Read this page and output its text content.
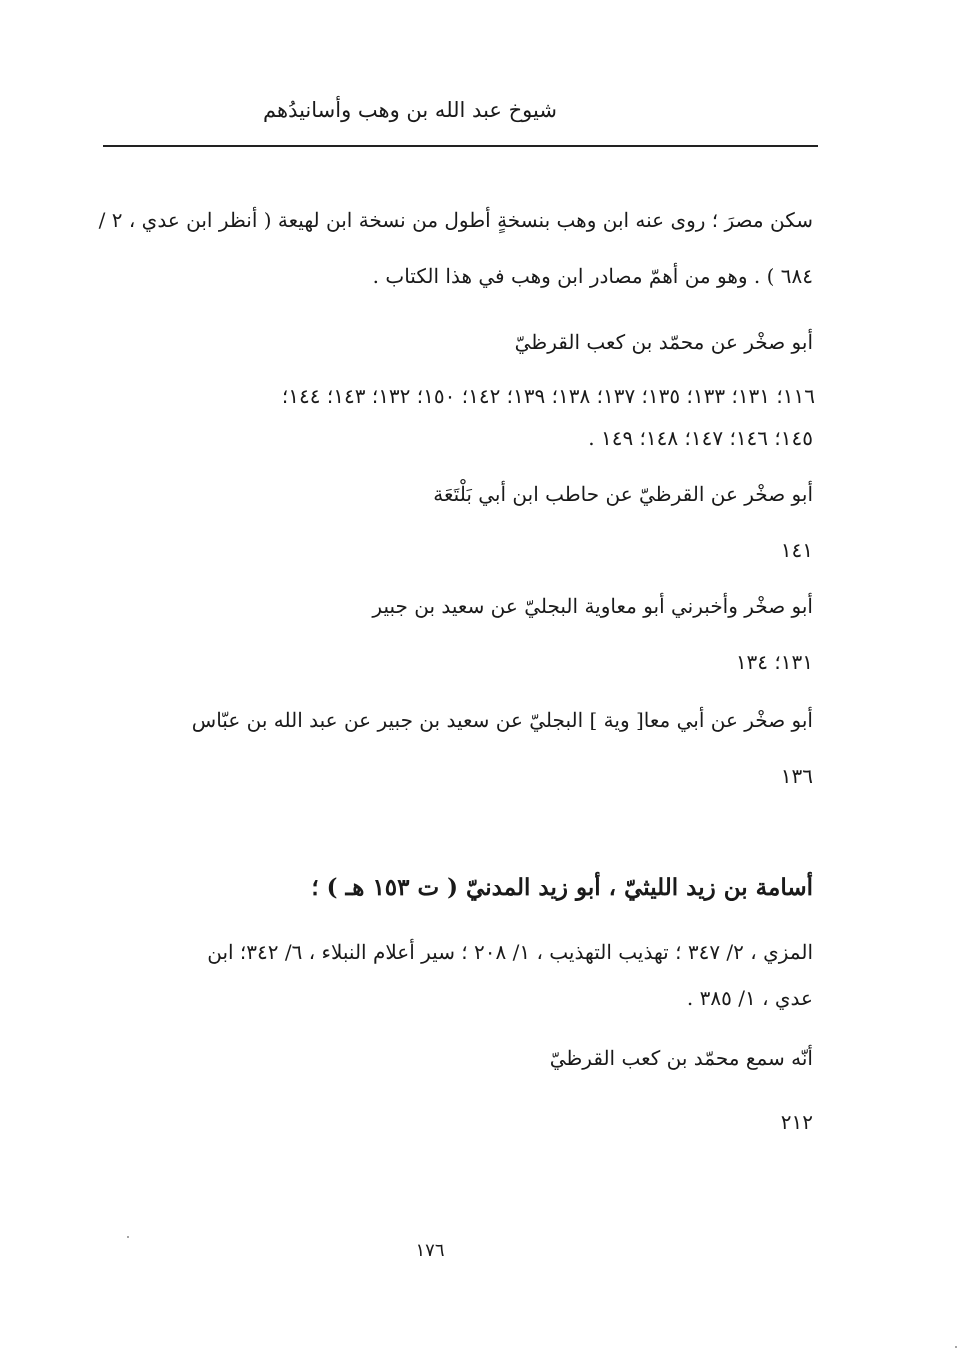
شيوخ عبد الله بن وهب وأسانيدُهم
سكن مصرَ ؛ روى عنه ابن وهب بنسخةٍ أطول من نسخة ابن لهيعة ( أنظر ابن عدي ، ٢ /
٦٨٤ ) . وهو من أهمّ مصادر ابن وهب في هذا الكتاب .
أبو صخْر عن محمّد بن كعب القرظيّ
١١٦؛ ١٣١؛ ١٣٣؛ ١٣٥؛ ١٣٧؛ ١٣٨؛ ١٣٩؛ ١٤٢؛ ١٥٠؛ ١٣٢؛ ١٤٣؛ ١٤٤؛
١٤٥؛ ١٤٦؛ ١٤٧؛ ١٤٨؛ ١٤٩ .
أبو صخْر عن القرظيّ عن حاطب ابن أبي بَلْتَعَة
١٤١
أبو صخْر وأخبرني أبو معاوية البجليّ عن سعيد بن جبير
١٣١؛ ١٣٤
أبو صخْر عن أبي معا[ وية ] البجليّ عن سعيد بن جبير عن عبد الله بن عبّاس
١٣٦
أسامة بن زيد الليثيّ ، أبو زيد المدنيّ ( ت ١٥٣ هـ ) ؛
المزي ، ٢/ ٣٤٧ ؛ تهذيب التهذيب ، ١/ ٢٠٨ ؛ سير أعلام النبلاء ، ٦/ ٣٤٢؛ ابن
عدي ، ١/ ٣٨٥ .
أنّه سمع محمّد بن كعب القرظيّ
٢١٢
١٧٦
